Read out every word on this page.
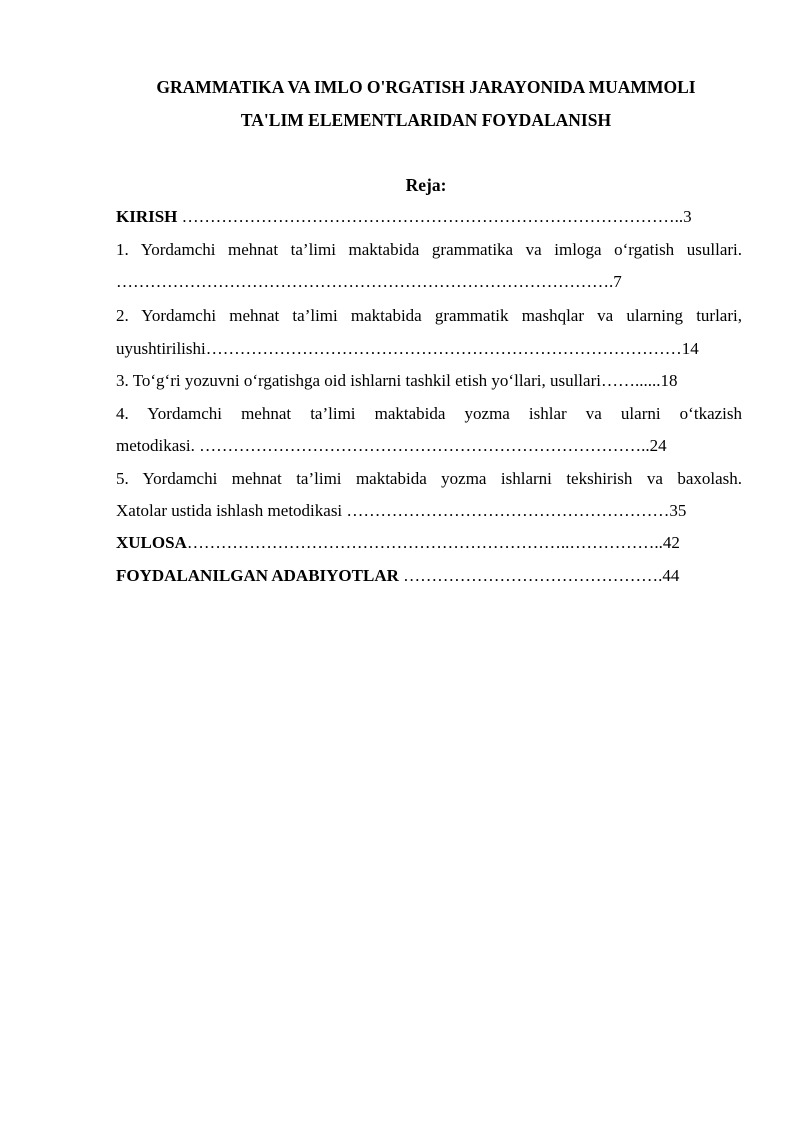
GRAMMATIKA VA IMLO O'RGATISH JARAYONIDA MUAMMOLI
TA'LIM ELEMENTLARIDAN FOYDALANISH
Reja:
KIRISH ……………………………………………………………………………..3
1. Yordamchi mehnat ta’limi maktabida grammatika va imloga o‘rgatish usullari.
…………………………………………………………………………….7
2. Yordamchi mehnat ta’limi maktabida grammatik mashqlar va ularning turlari,
uyushtirilishi…………………………………………………………………………14
3. To‘g‘ri yozuvni o‘rgatishga oid ishlarni tashkil etish yo‘llari, usullari……......18
4. Yordamchi mehnat ta’limi maktabida yozma ishlar va ularni o‘tkazish
metodikasi. ……………………………………………………………………..24
5. Yordamchi mehnat ta’limi maktabida yozma ishlarni tekshirish va baxolash.
Xatolar ustida ishlash metodikasi …………………………………………………35
XULOSA…………………………………………………………..……………..42
FOYDALANILGAN ADABIYOTLAR ……………………………………….44
